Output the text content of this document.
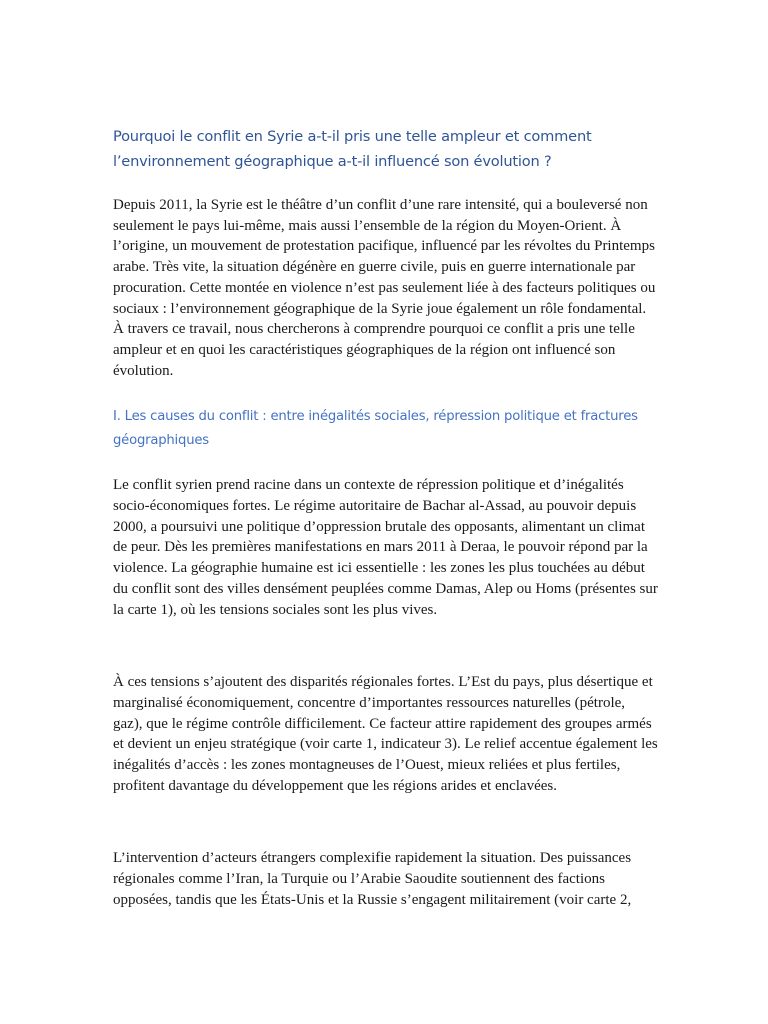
Pourquoi le conflit en Syrie a-t-il pris une telle ampleur et comment l’environnement géographique a-t-il influencé son évolution ?

Depuis 2011, la Syrie est le théâtre d’un conflit d’une rare intensité, qui a bouleversé non seulement le pays lui-même, mais aussi l’ensemble de la région du Moyen-Orient. À l’origine, un mouvement de protestation pacifique, influencé par les révoltes du Printemps arabe. Très vite, la situation dégénère en guerre civile, puis en guerre internationale par procuration. Cette montée en violence n’est pas seulement liée à des facteurs politiques ou sociaux : l’environnement géographique de la Syrie joue également un rôle fondamental. À travers ce travail, nous chercherons à comprendre pourquoi ce conflit a pris une telle ampleur et en quoi les caractéristiques géographiques de la région ont influencé son évolution.

I. Les causes du conflit : entre inégalités sociales, répression politique et fractures géographiques

Le conflit syrien prend racine dans un contexte de répression politique et d’inégalités socio-économiques fortes. Le régime autoritaire de Bachar al-Assad, au pouvoir depuis 2000, a poursuivi une politique d’oppression brutale des opposants, alimentant un climat de peur. Dès les premières manifestations en mars 2011 à Deraa, le pouvoir répond par la violence. La géographie humaine est ici essentielle : les zones les plus touchées au début du conflit sont des villes densément peuplées comme Damas, Alep ou Homs (présentes sur la carte 1), où les tensions sociales sont les plus vives.

À ces tensions s’ajoutent des disparités régionales fortes. L’Est du pays, plus désertique et marginalisé économiquement, concentre d’importantes ressources naturelles (pétrole, gaz), que le régime contrôle difficilement. Ce facteur attire rapidement des groupes armés et devient un enjeu stratégique (voir carte 1, indicateur 3). Le relief accentue également les inégalités d’accès : les zones montagneuses de l’Ouest, mieux reliées et plus fertiles, profitent davantage du développement que les régions arides et enclavées.

L’intervention d’acteurs étrangers complexifie rapidement la situation. Des puissances régionales comme l’Iran, la Turquie ou l’Arabie Saoudite soutiennent des factions opposées, tandis que les États-Unis et la Russie s’engagent militairement (voir carte 2,
